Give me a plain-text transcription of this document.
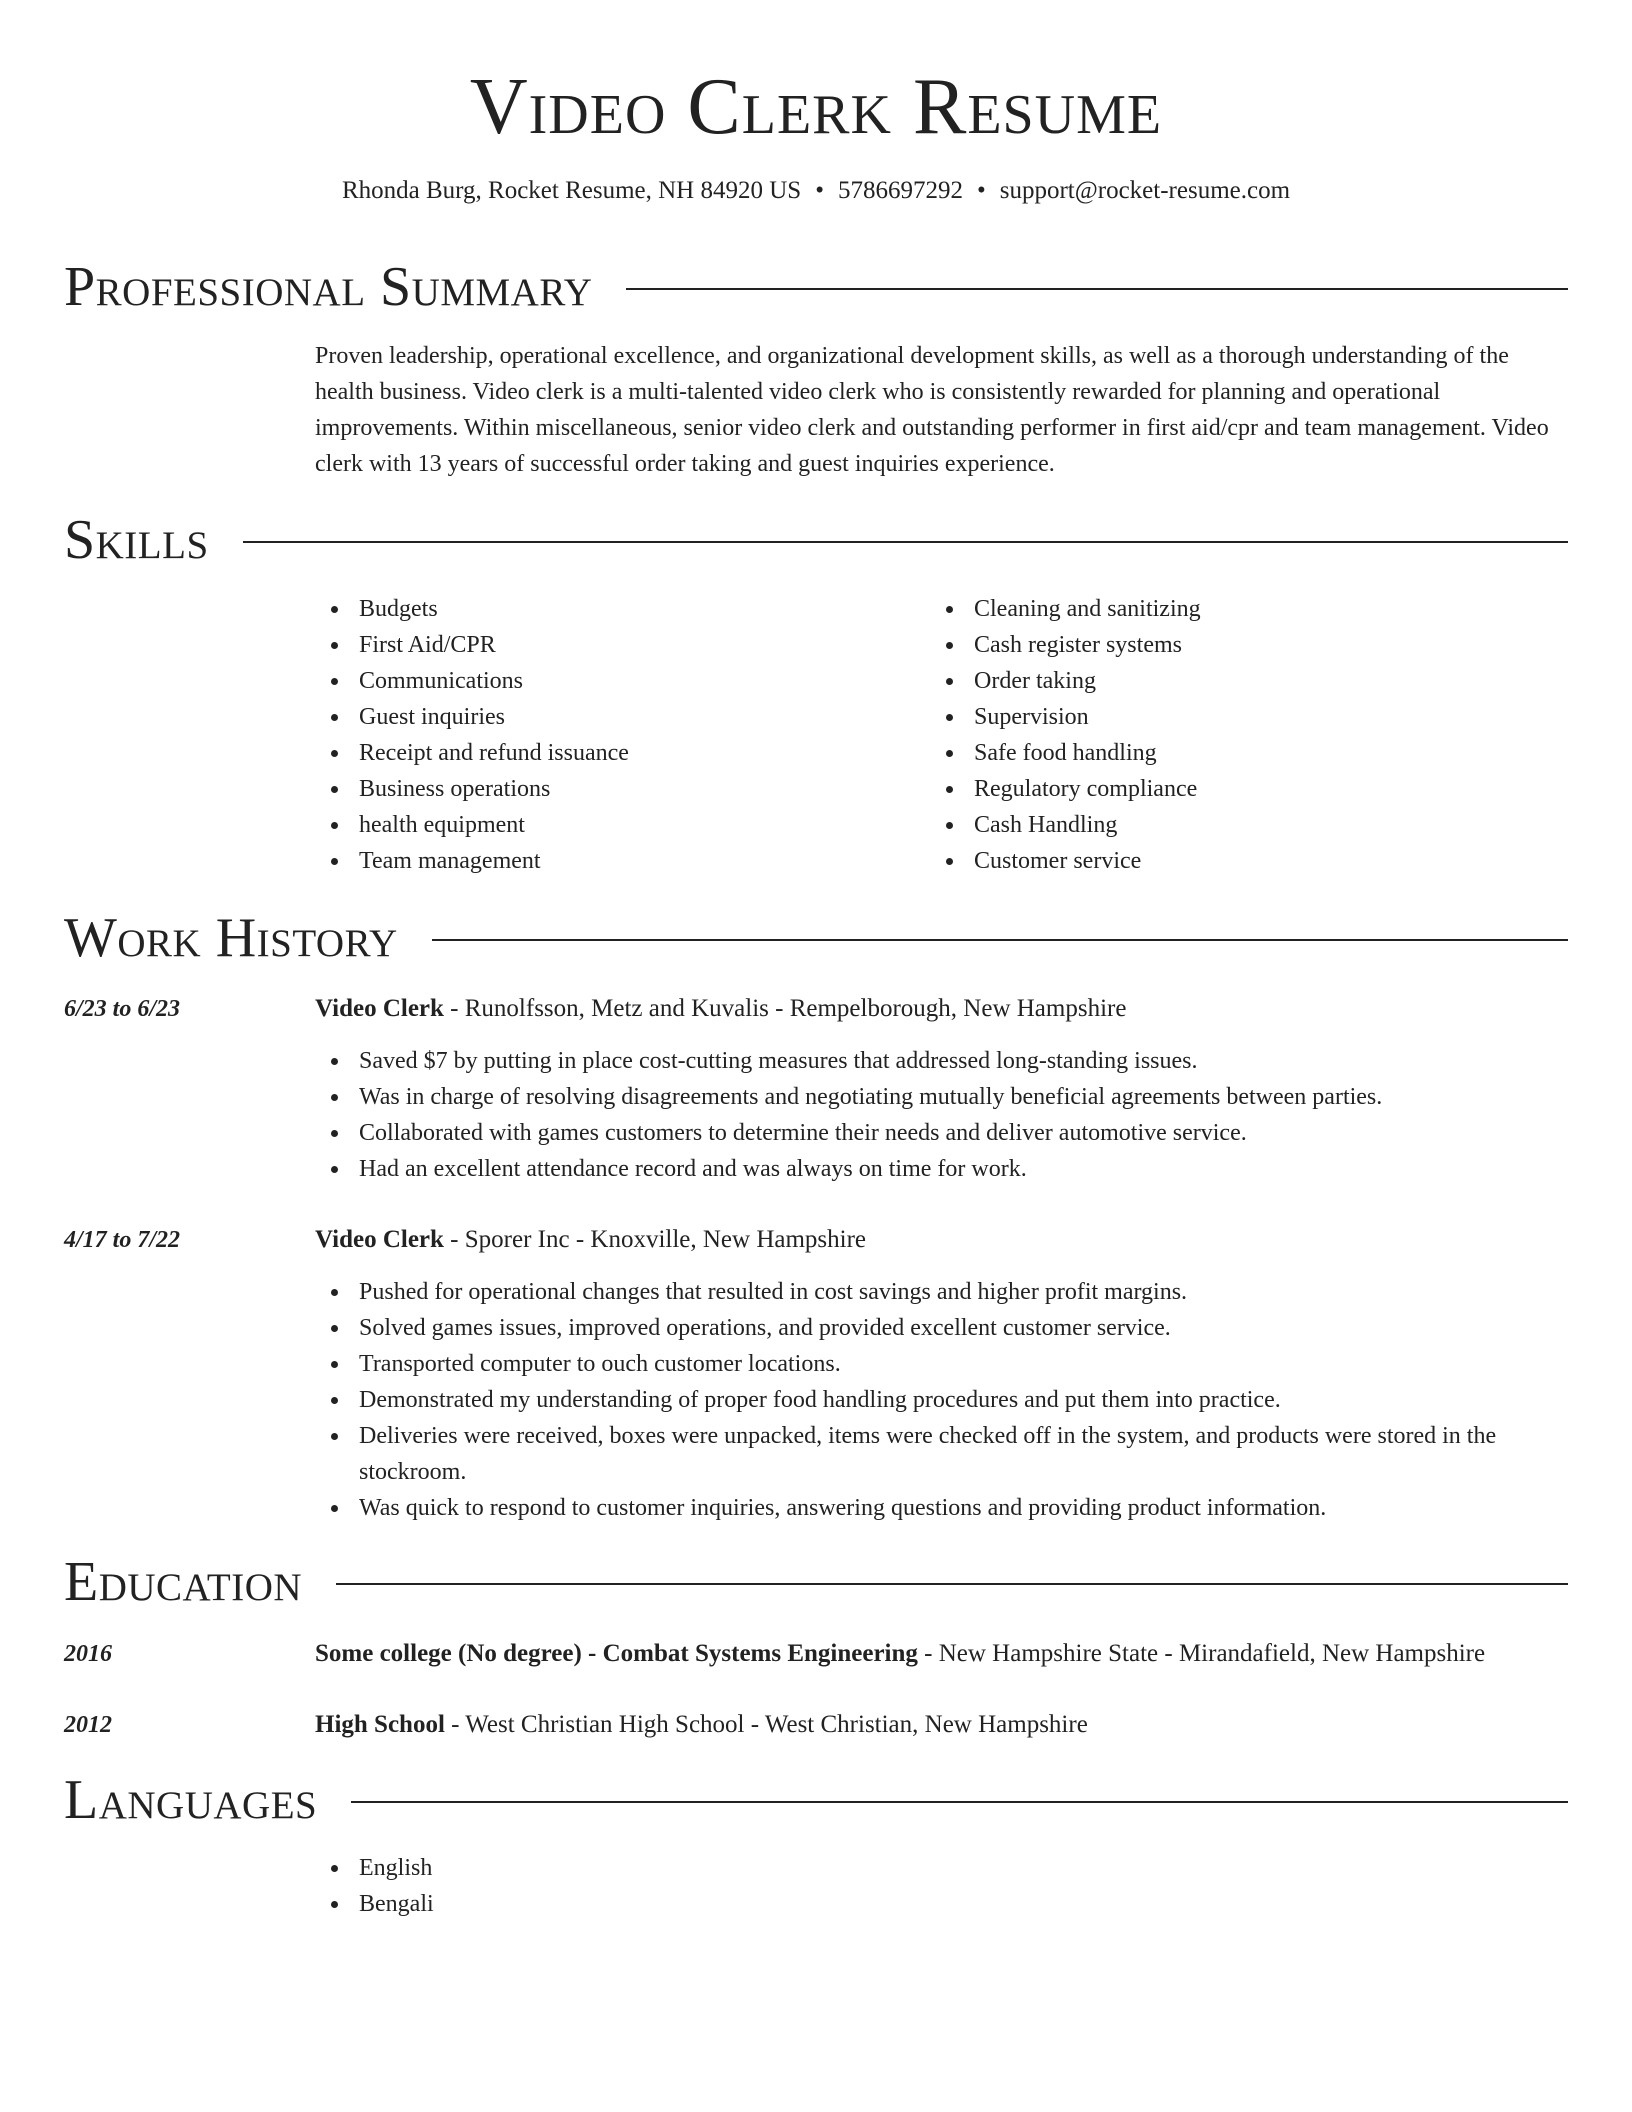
Video Clerk Resume
Rhonda Burg, Rocket Resume, NH 84920 US • 5786697292 • support@rocket-resume.com
Professional Summary

Proven leadership, operational excellence, and organizational development skills, as well as a thorough understanding of the health business. Video clerk is a multi-talented video clerk who is consistently rewarded for planning and operational improvements. Within miscellaneous, senior video clerk and outstanding performer in first aid/cpr and team management. Video clerk with 13 years of successful order taking and guest inquiries experience.

Skills
Budgets
First Aid/CPR
Communications
Guest inquiries
Receipt and refund issuance
Business operations
health equipment
Team management
Cleaning and sanitizing
Cash register systems
Order taking
Supervision
Safe food handling
Regulatory compliance
Cash Handling
Customer service
Work History
6/23 to 6/23	Video Clerk - Runolfsson, Metz and Kuvalis - Rempelborough, New Hampshire
Saved $7 by putting in place cost-cutting measures that addressed long-standing issues.
Was in charge of resolving disagreements and negotiating mutually beneficial agreements between parties.
Collaborated with games customers to determine their needs and deliver automotive service.
Had an excellent attendance record and was always on time for work.
4/17 to 7/22	Video Clerk - Sporer Inc - Knoxville, New Hampshire
Pushed for operational changes that resulted in cost savings and higher profit margins.
Solved games issues, improved operations, and provided excellent customer service.
Transported computer to ouch customer locations.
Demonstrated my understanding of proper food handling procedures and put them into practice.
Deliveries were received, boxes were unpacked, items were checked off in the system, and products were stored in the stockroom.
Was quick to respond to customer inquiries, answering questions and providing product information.
Education
2016	Some college (No degree) - Combat Systems Engineering - New Hampshire State - Mirandafield, New Hampshire
2012	High School - West Christian High School - West Christian, New Hampshire
Languages
English
Bengali
